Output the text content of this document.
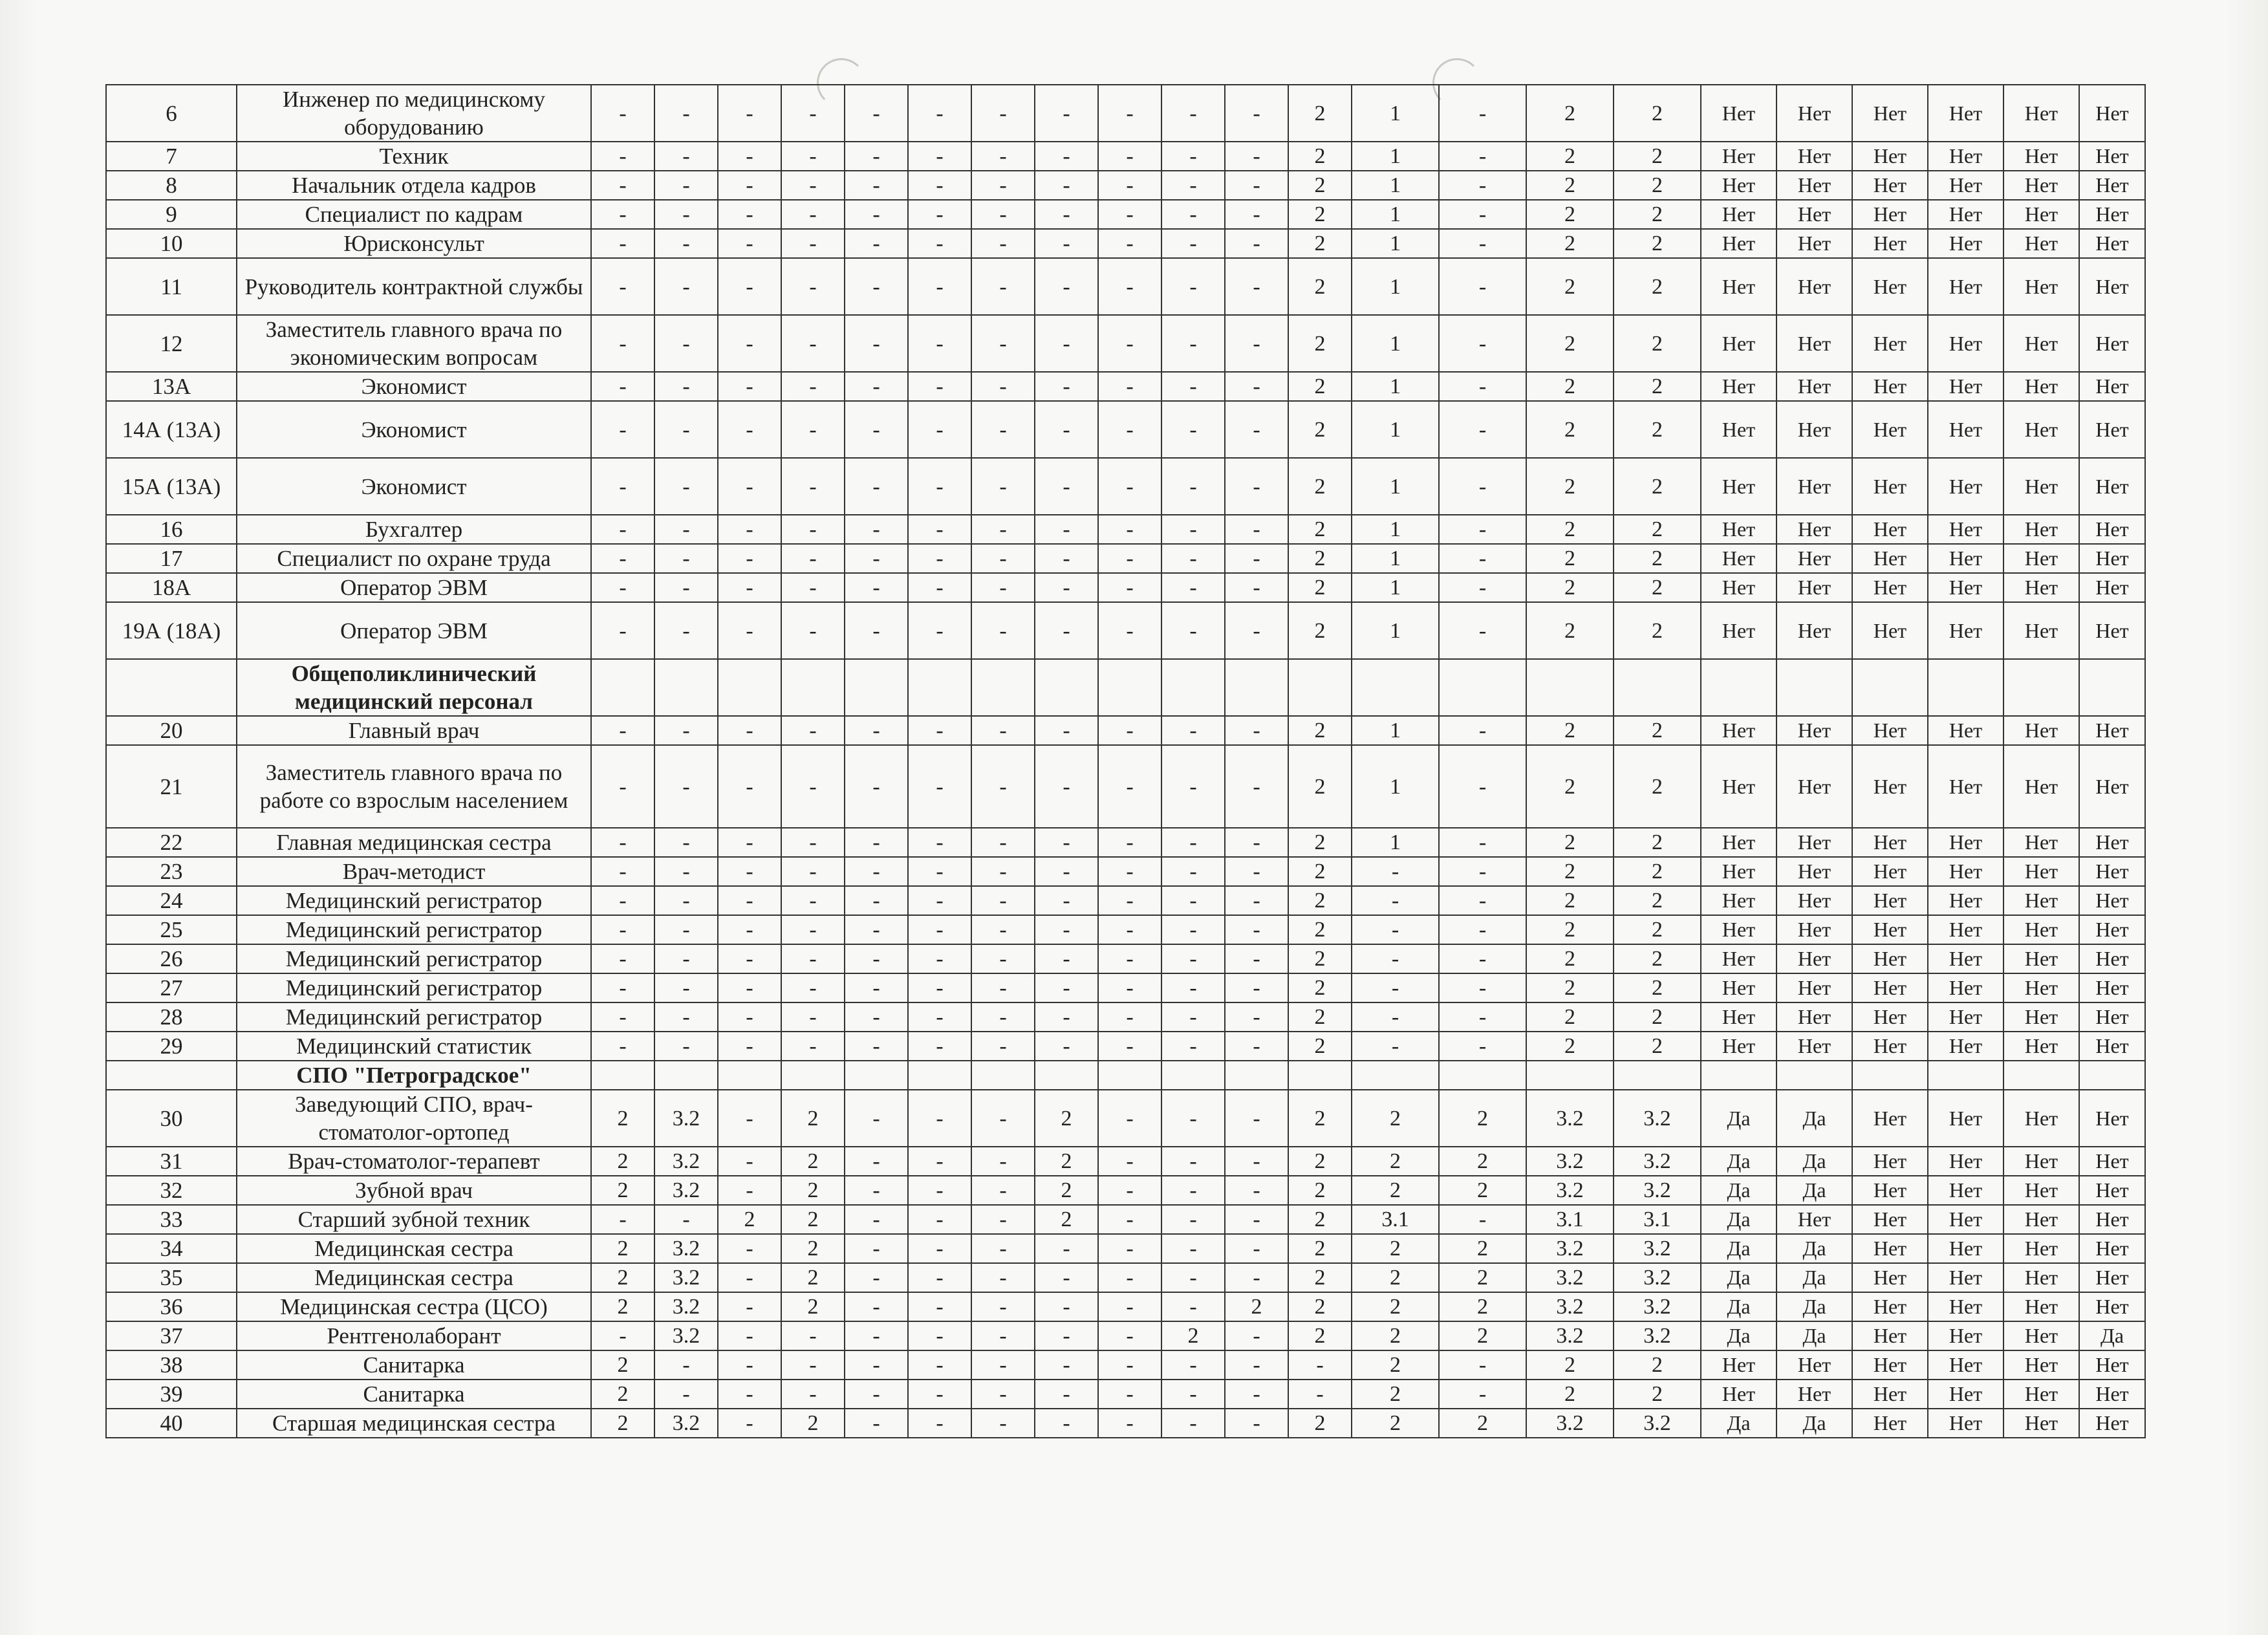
6	Инженер по медицинскому оборудованию	-	-	-	-	-	-	-	-	-	-	-	2	1	-	2	2	Нет	Нет	Нет	Нет	Нет	Нет
7	Техник	-	-	-	-	-	-	-	-	-	-	-	2	1	-	2	2	Нет	Нет	Нет	Нет	Нет	Нет
8	Начальник отдела кадров	-	-	-	-	-	-	-	-	-	-	-	2	1	-	2	2	Нет	Нет	Нет	Нет	Нет	Нет
9	Специалист по кадрам	-	-	-	-	-	-	-	-	-	-	-	2	1	-	2	2	Нет	Нет	Нет	Нет	Нет	Нет
10	Юрисконсульт	-	-	-	-	-	-	-	-	-	-	-	2	1	-	2	2	Нет	Нет	Нет	Нет	Нет	Нет
11	Руководитель контрактной службы	-	-	-	-	-	-	-	-	-	-	-	2	1	-	2	2	Нет	Нет	Нет	Нет	Нет	Нет
12	Заместитель главного врача по экономическим вопросам	-	-	-	-	-	-	-	-	-	-	-	2	1	-	2	2	Нет	Нет	Нет	Нет	Нет	Нет
13А	Экономист	-	-	-	-	-	-	-	-	-	-	-	2	1	-	2	2	Нет	Нет	Нет	Нет	Нет	Нет
14А (13А)	Экономист	-	-	-	-	-	-	-	-	-	-	-	2	1	-	2	2	Нет	Нет	Нет	Нет	Нет	Нет
15А (13А)	Экономист	-	-	-	-	-	-	-	-	-	-	-	2	1	-	2	2	Нет	Нет	Нет	Нет	Нет	Нет
16	Бухгалтер	-	-	-	-	-	-	-	-	-	-	-	2	1	-	2	2	Нет	Нет	Нет	Нет	Нет	Нет
17	Специалист по охране труда	-	-	-	-	-	-	-	-	-	-	-	2	1	-	2	2	Нет	Нет	Нет	Нет	Нет	Нет
18А	Оператор ЭВМ	-	-	-	-	-	-	-	-	-	-	-	2	1	-	2	2	Нет	Нет	Нет	Нет	Нет	Нет
19А (18А)	Оператор ЭВМ	-	-	-	-	-	-	-	-	-	-	-	2	1	-	2	2	Нет	Нет	Нет	Нет	Нет	Нет
	Общеполиклинический медицинский персонал																						
20	Главный врач	-	-	-	-	-	-	-	-	-	-	-	2	1	-	2	2	Нет	Нет	Нет	Нет	Нет	Нет
21	Заместитель главного врача по работе со взрослым населением	-	-	-	-	-	-	-	-	-	-	-	2	1	-	2	2	Нет	Нет	Нет	Нет	Нет	Нет
22	Главная медицинская сестра	-	-	-	-	-	-	-	-	-	-	-	2	1	-	2	2	Нет	Нет	Нет	Нет	Нет	Нет
23	Врач-методист	-	-	-	-	-	-	-	-	-	-	-	2	-	-	2	2	Нет	Нет	Нет	Нет	Нет	Нет
24	Медицинский регистратор	-	-	-	-	-	-	-	-	-	-	-	2	-	-	2	2	Нет	Нет	Нет	Нет	Нет	Нет
25	Медицинский регистратор	-	-	-	-	-	-	-	-	-	-	-	2	-	-	2	2	Нет	Нет	Нет	Нет	Нет	Нет
26	Медицинский регистратор	-	-	-	-	-	-	-	-	-	-	-	2	-	-	2	2	Нет	Нет	Нет	Нет	Нет	Нет
27	Медицинский регистратор	-	-	-	-	-	-	-	-	-	-	-	2	-	-	2	2	Нет	Нет	Нет	Нет	Нет	Нет
28	Медицинский регистратор	-	-	-	-	-	-	-	-	-	-	-	2	-	-	2	2	Нет	Нет	Нет	Нет	Нет	Нет
29	Медицинский статистик	-	-	-	-	-	-	-	-	-	-	-	2	-	-	2	2	Нет	Нет	Нет	Нет	Нет	Нет
	СПО "Петроградское"																						
30	Заведующий СПО, врач-стоматолог-ортопед	2	3.2	-	2	-	-	-	2	-	-	-	2	2	2	3.2	3.2	Да	Да	Нет	Нет	Нет	Нет
31	Врач-стоматолог-терапевт	2	3.2	-	2	-	-	-	2	-	-	-	2	2	2	3.2	3.2	Да	Да	Нет	Нет	Нет	Нет
32	Зубной врач	2	3.2	-	2	-	-	-	2	-	-	-	2	2	2	3.2	3.2	Да	Да	Нет	Нет	Нет	Нет
33	Старший зубной техник	-	-	2	2	-	-	-	2	-	-	-	2	3.1	-	3.1	3.1	Да	Нет	Нет	Нет	Нет	Нет
34	Медицинская сестра	2	3.2	-	2	-	-	-	-	-	-	-	2	2	2	3.2	3.2	Да	Да	Нет	Нет	Нет	Нет
35	Медицинская сестра	2	3.2	-	2	-	-	-	-	-	-	-	2	2	2	3.2	3.2	Да	Да	Нет	Нет	Нет	Нет
36	Медицинская сестра (ЦСО)	2	3.2	-	2	-	-	-	-	-	-	2	2	2	2	3.2	3.2	Да	Да	Нет	Нет	Нет	Нет
37	Рентгенолаборант	-	3.2	-	-	-	-	-	-	-	2	-	2	2	2	3.2	3.2	Да	Да	Нет	Нет	Нет	Да
38	Санитарка	2	-	-	-	-	-	-	-	-	-	-	-	2	-	2	2	Нет	Нет	Нет	Нет	Нет	Нет
39	Санитарка	2	-	-	-	-	-	-	-	-	-	-	-	2	-	2	2	Нет	Нет	Нет	Нет	Нет	Нет
40	Старшая медицинская сестра	2	3.2	-	2	-	-	-	-	-	-	-	2	2	2	3.2	3.2	Да	Да	Нет	Нет	Нет	Нет
